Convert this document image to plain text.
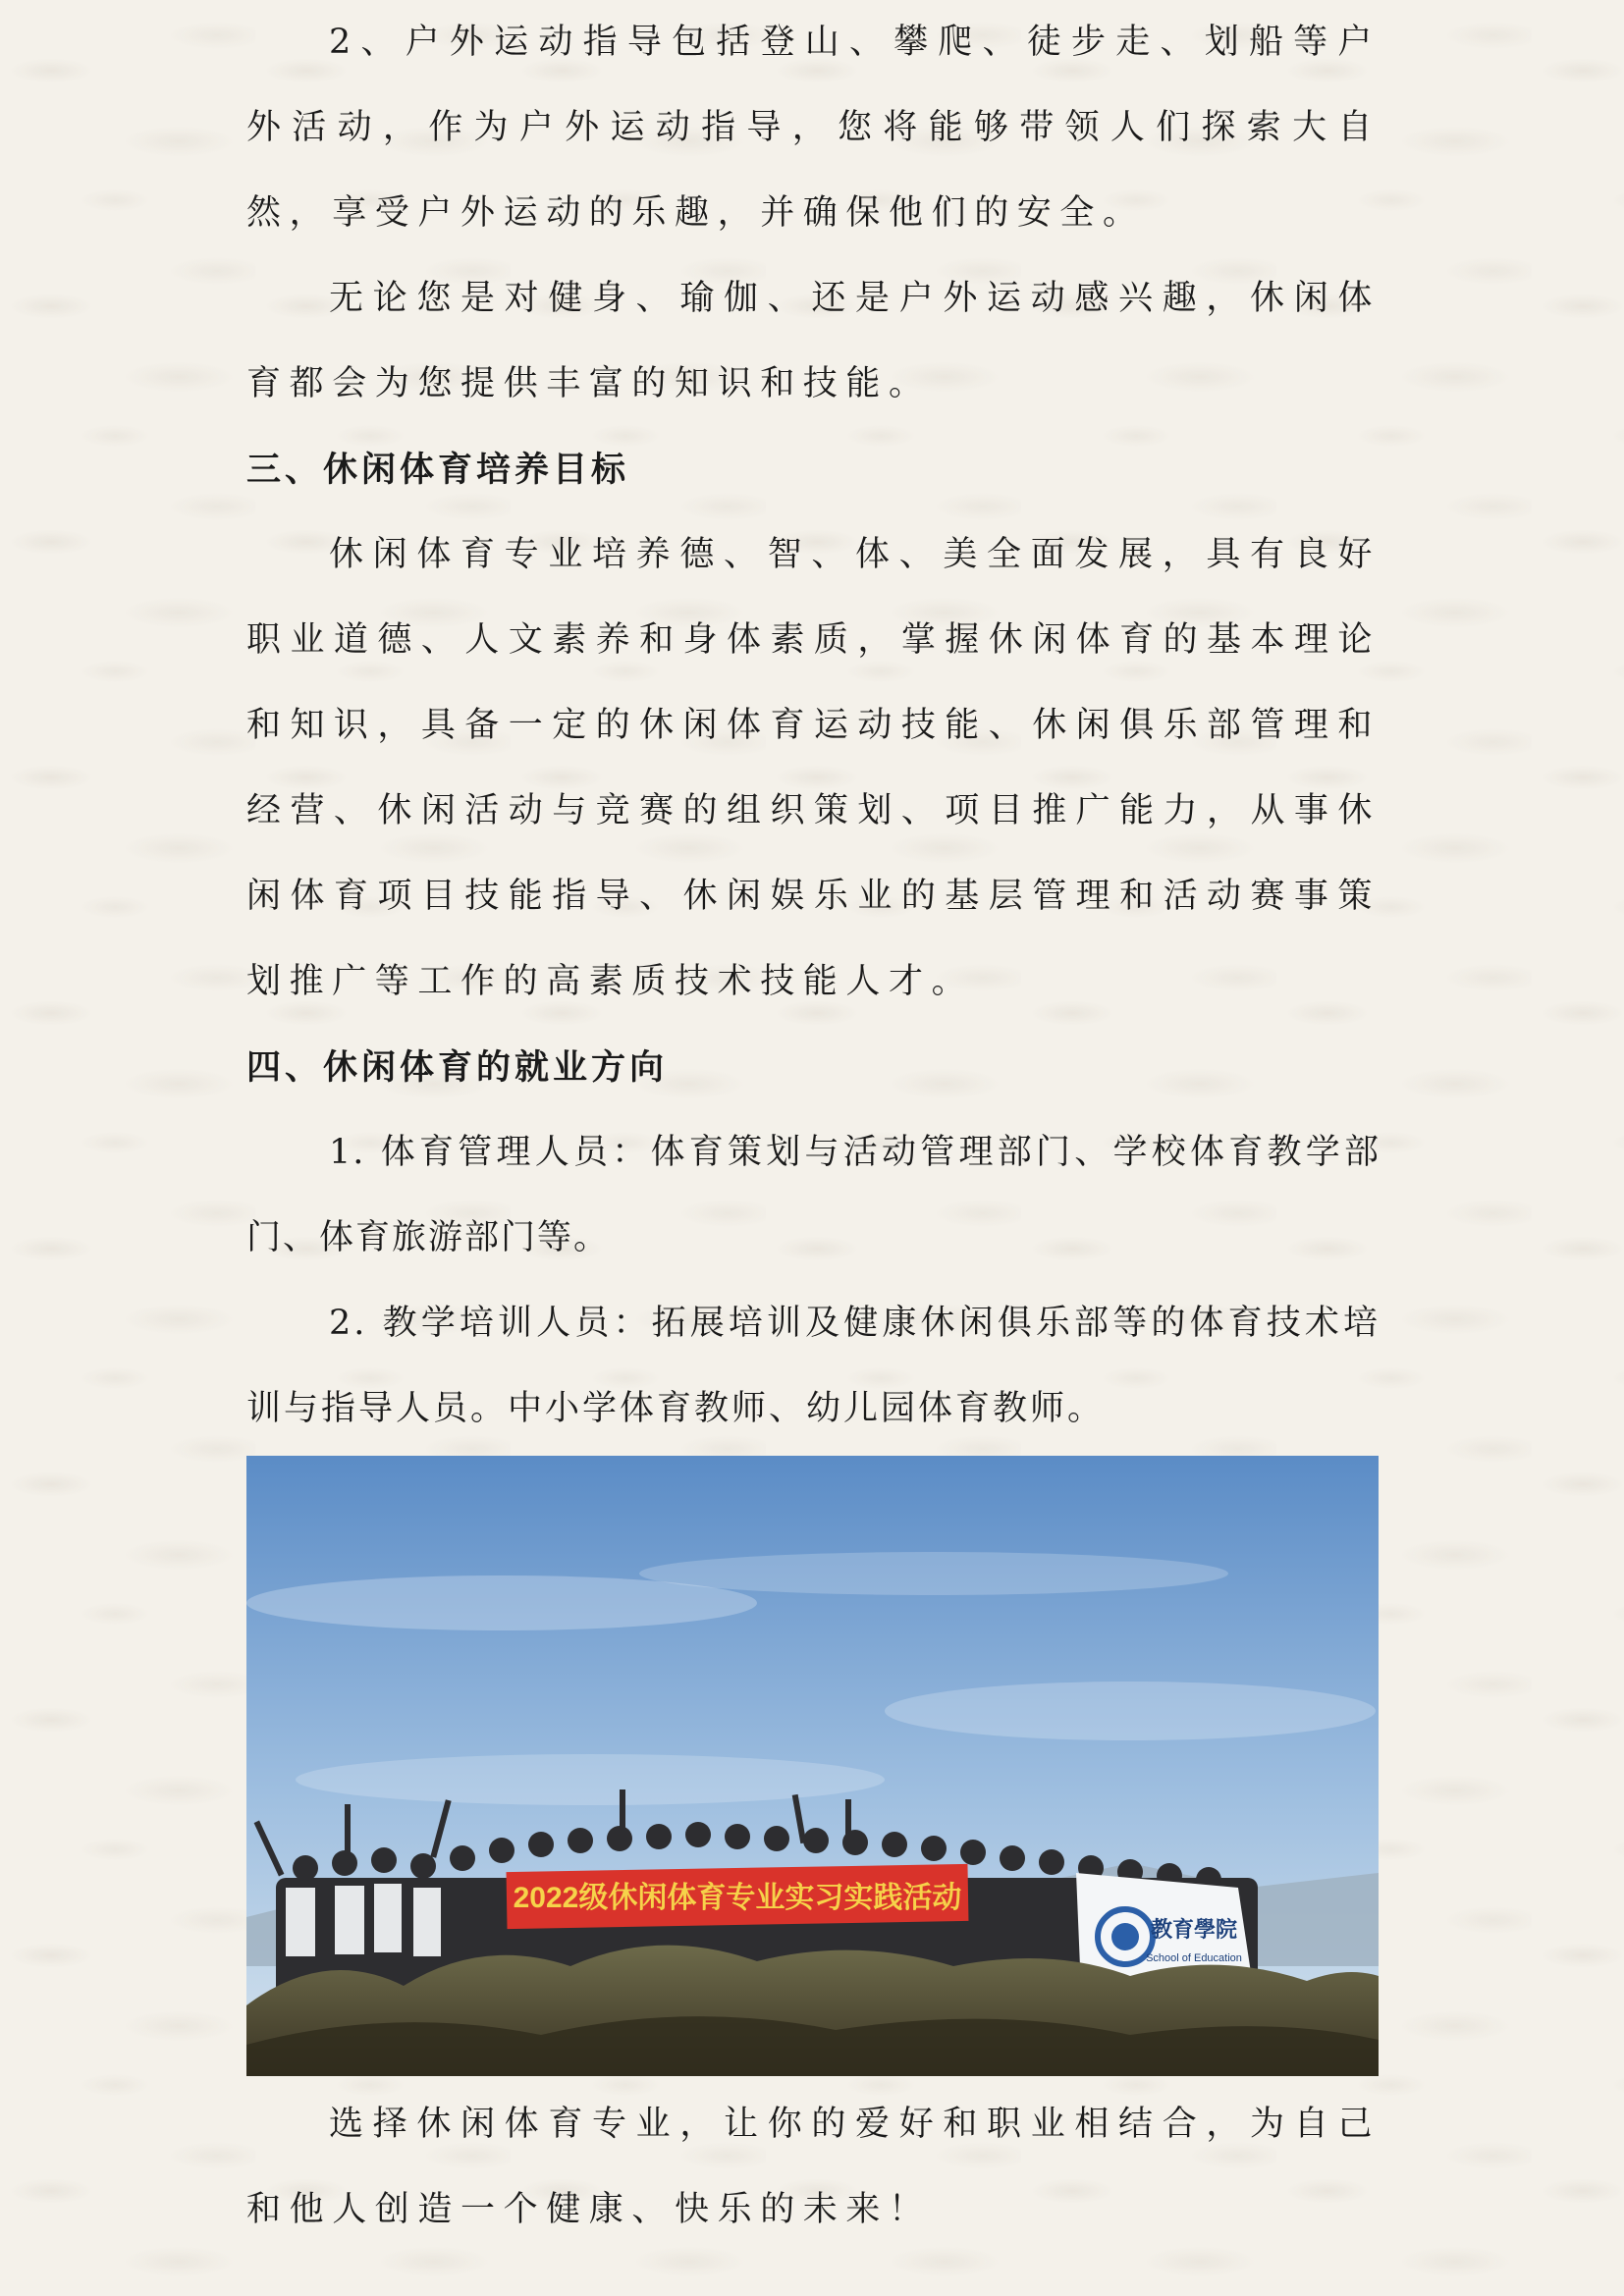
2、户外运动指导包括登山、攀爬、徒步走、划船等户外活动，作为户外运动指导，您将能够带领人们探索大自然，享受户外运动的乐趣，并确保他们的安全。

无论您是对健身、瑜伽、还是户外运动感兴趣，休闲体育都会为您提供丰富的知识和技能。

三、休闲体育培养目标

休闲体育专业培养德、智、体、美全面发展，具有良好职业道德、人文素养和身体素质，掌握休闲体育的基本理论和知识，具备一定的休闲体育运动技能、休闲俱乐部管理和经营、休闲活动与竞赛的组织策划、项目推广能力，从事休闲体育项目技能指导、休闲娱乐业的基层管理和活动赛事策划推广等工作的高素质技术技能人才。

四、休闲体育的就业方向

1. 体育管理人员：体育策划与活动管理部门、学校体育教学部门、体育旅游部门等。

2. 教学培训人员：拓展培训及健康休闲俱乐部等的体育技术培训与指导人员。中小学体育教师、幼儿园体育教师。

2022级休闲体育专业实习实践活动
教育學院
School of Education

选择休闲体育专业，让你的爱好和职业相结合，为自己和他人创造一个健康、快乐的未来！
